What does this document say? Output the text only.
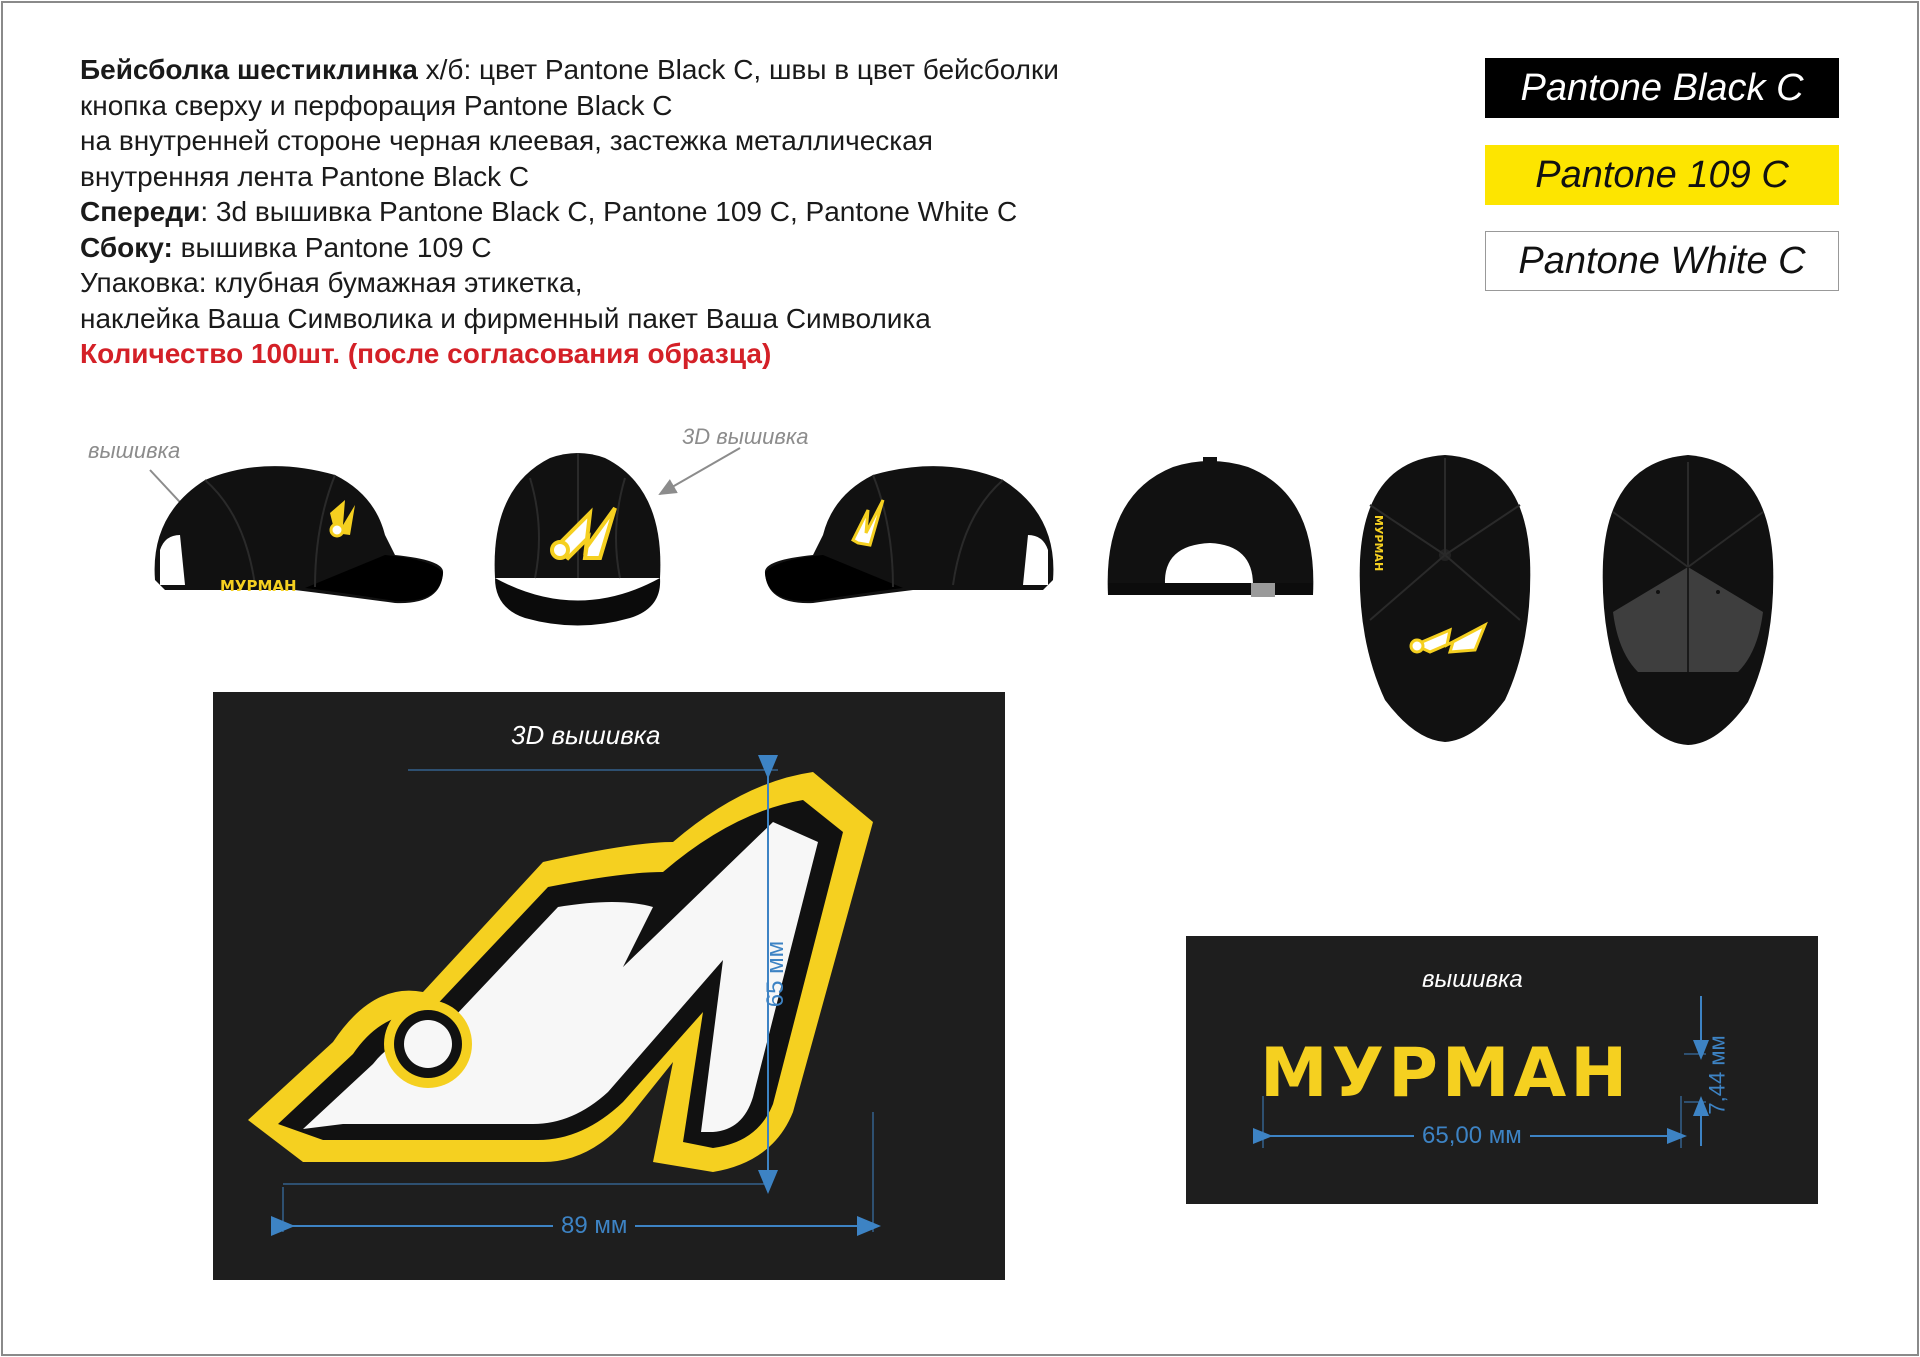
Бейсболка шестиклинка х/б: цвет Pantone Black C, швы в цвет бейсболки
кнопка сверху и перфорация Pantone Black C
на внутренней стороне черная клеевая, застежка металлическая
внутренняя лента Pantone Black C
Спереди: 3d вышивка Pantone Black C, Pantone 109 C, Pantone White C
Сбоку: вышивка Pantone 109 C
Упаковка: клубная бумажная этикетка,
наклейка Ваша Символика и фирменный пакет Ваша Символика
Количество 100шт. (после согласования образца)
Pantone Black C
Pantone 109 C
Pantone White C
вышивка
3D вышивка
МУРМАН
МУРМАН
3D вышивка
65 мм
89 мм
вышивка
МУРМАН
65,00 мм
7,44 мм
